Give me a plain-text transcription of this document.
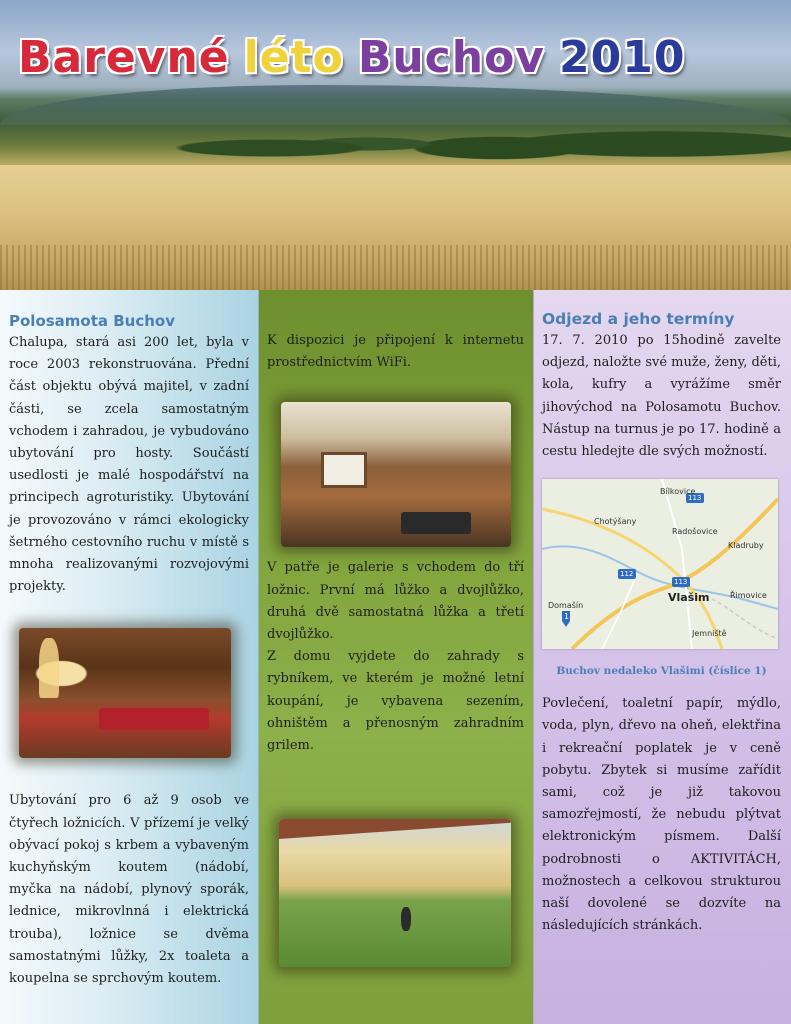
Barevné léto Buchov 2010
Polosamota Buchov

Chalupa, stará asi 200 let, byla v roce 2003 rekonstruována. Přední část objektu obývá majitel, v zadní části, se zcela samostatným vchodem i zahradou, je vybudováno ubytování pro hosty. Součástí usedlosti je malé hospodářství na principech agroturistiky. Ubytování je provozováno v rámci ekologicky šetrného cestovního ruchu v místě s mnoha realizovanými rozvojovými projekty.

Ubytování pro 6 až 9 osob ve čtyřech ložnicích. V přízemí je velký obývací pokoj s krbem a vybaveným kuchyňským koutem (nádobí, myčka na nádobí, plynový sporák, lednice, mikrovlnná i elektrická trouba), ložnice se dvěma samostatnými lůžky, 2x toaleta a koupelna se sprchovým koutem.

K dispozici je připojení k internetu prostřednictvím WiFi.

V patře je galerie s vchodem do tří ložnic. První má lůžko a dvojlůžko, druhá dvě samostatná lůžka a třetí dvojlůžko.

Z domu vyjdete do zahrady s rybníkem, ve kterém je možné letní koupání, je vybavena sezením, ohništěm a přenosným zahradním grilem.

Odjezd a jeho termíny

17. 7. 2010 po 15hodině zavelte odjezd, naložte své muže, ženy, děti, kola, kufry a vyrážíme směr jihovýchod na Polosamotu Buchov. Nástup na turnus je po 17. hodině a cestu hledejte dle svých možností.

Bílkovice
Chotýšany
Radošovice
Kladruby
Vlašim	Řimovice
Domašín
Jemniště
113
112
113
1
Buchov nedaleko Vlašimi (číslice 1)

Povlečení, toaletní papír, mýdlo, voda, plyn, dřevo na oheň, elektřina i rekreační poplatek je v ceně pobytu. Zbytek si musíme zařídit sami, což je již takovou samozřejmostí, že nebudu plýtvat elektronickým písmem. Další podrobnosti o AKTIVITÁCH, možnostech a celkovou strukturou naší dovolené se dozvíte na následujících stránkách.
